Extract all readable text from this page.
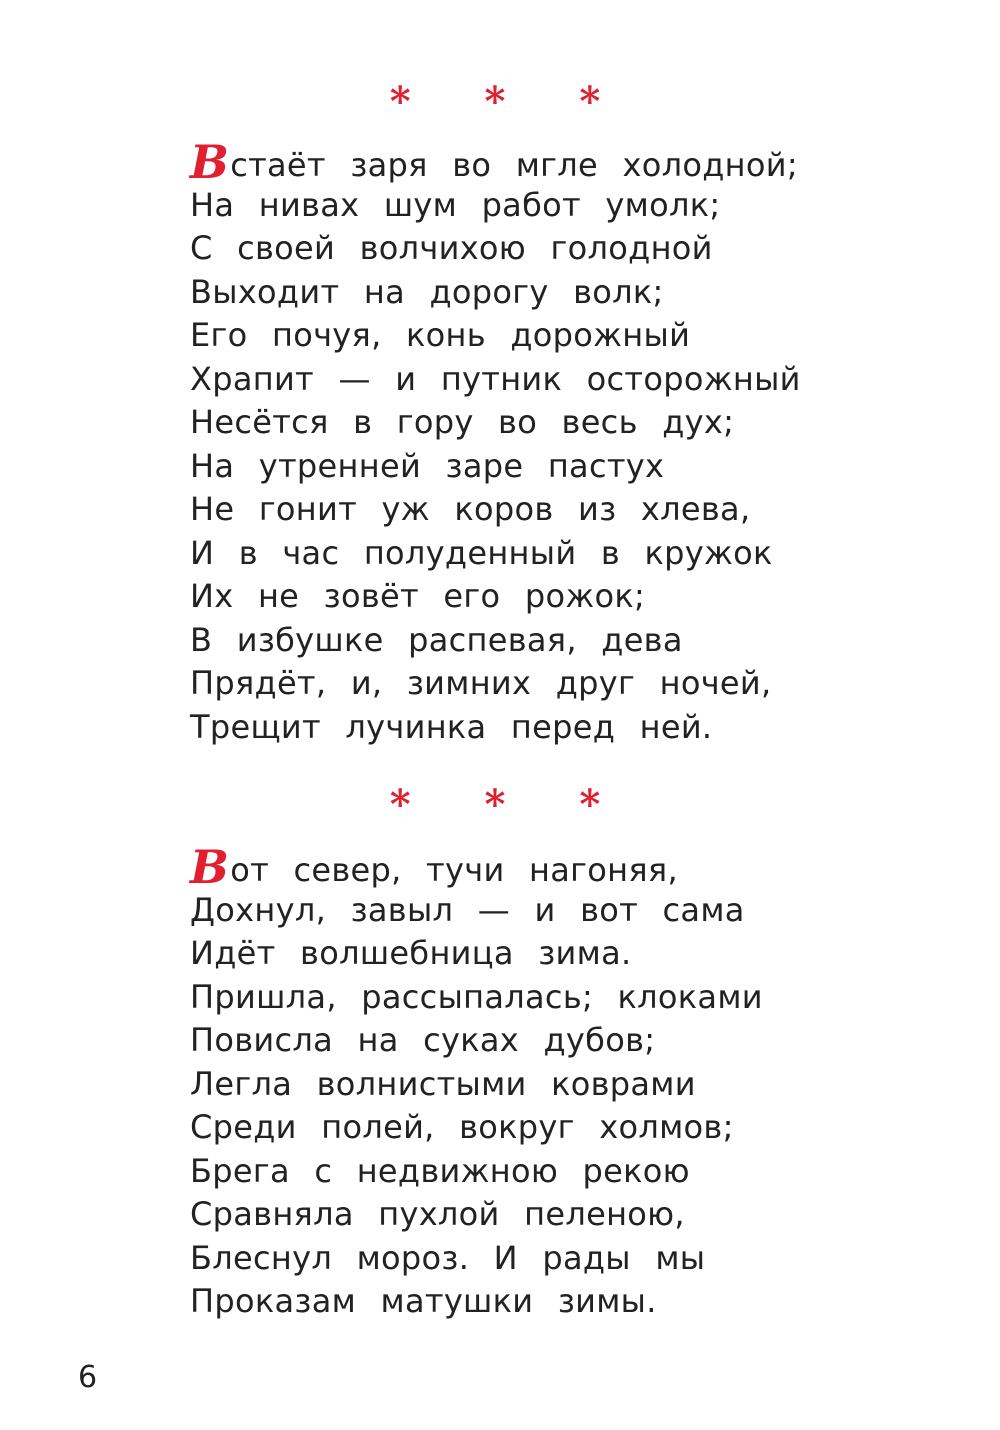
* * *
Встаёт заря во мгле холодной;
На нивах шум работ умолк;
С своей волчихою голодной
Выходит на дорогу волк;
Его почуя, конь дорожный
Храпит — и путник осторожный
Несётся в гору во весь дух;
На утренней заре пастух
Не гонит уж коров из хлева,
И в час полуденный в кружок
Их не зовёт его рожок;
В избушке распевая, дева
Прядёт, и, зимних друг ночей,
Трещит лучинка перед ней.
* * *
Вот север, тучи нагоняя,
Дохнул, завыл — и вот сама
Идёт волшебница зима.
Пришла, рассыпалась; клоками
Повисла на суках дубов;
Легла волнистыми коврами
Среди полей, вокруг холмов;
Брега с недвижною рекою
Сравняла пухлой пеленою,
Блеснул мороз. И рады мы
Проказам матушки зимы.
6
